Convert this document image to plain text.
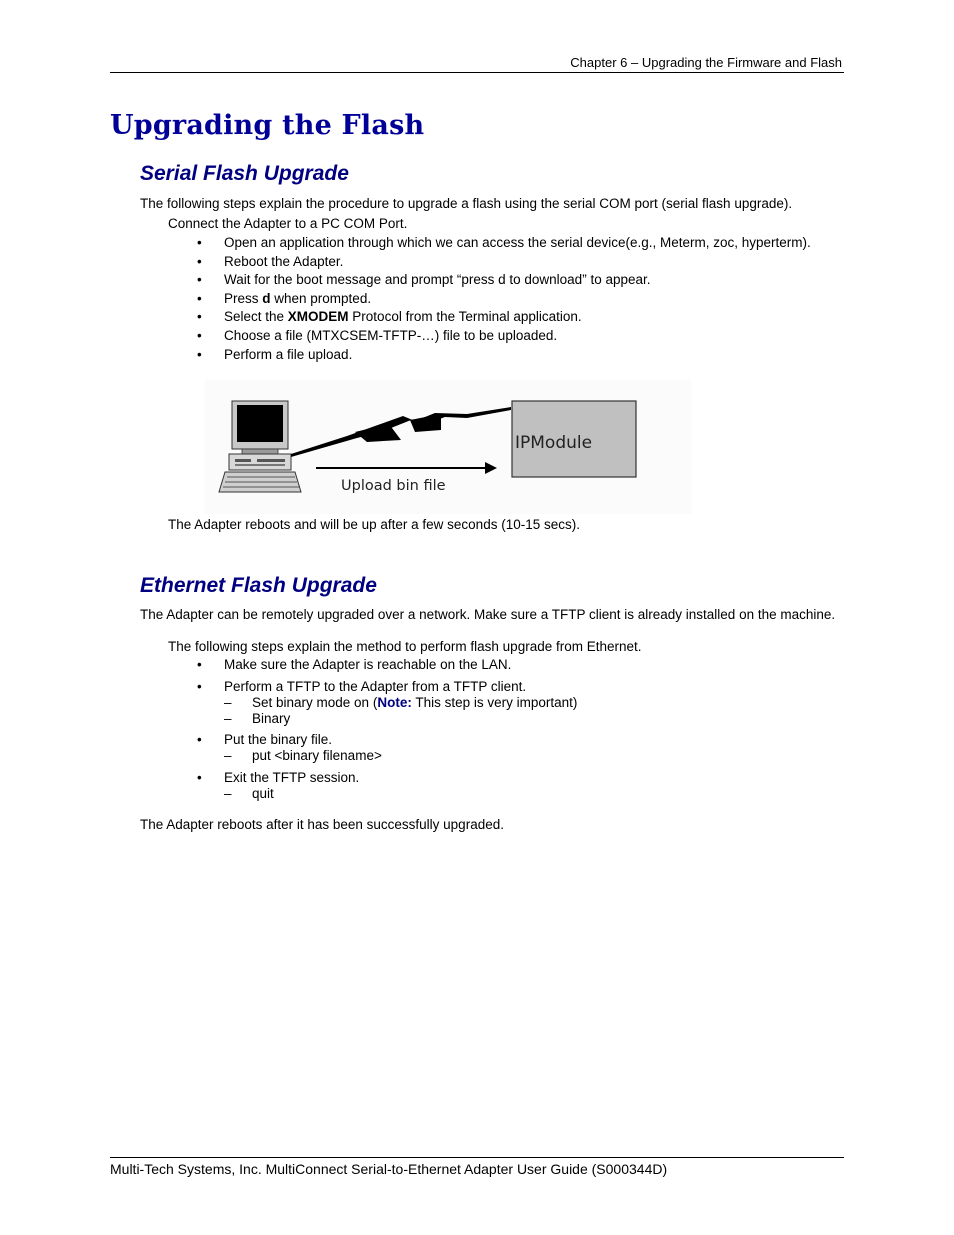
Chapter 6 – Upgrading the Firmware and Flash
Upgrading the Flash
Serial Flash Upgrade
The following steps explain the procedure to upgrade a flash using the serial COM port (serial flash upgrade).
Connect the Adapter to a PC COM Port.
• Open an application through which we can access the serial device(e.g., Meterm, zoc, hyperterm).
• Reboot the Adapter.
• Wait for the boot message and prompt “press d to download” to appear.
• Press d when prompted.
• Select the XMODEM Protocol from the Terminal application.
• Choose a file (MTXCSEM-TFTP-…) file to be uploaded.
• Perform a file upload.
IPModule
Upload bin file
The Adapter reboots and will be up after a few seconds (10-15 secs).
Ethernet Flash Upgrade
The Adapter can be remotely upgraded over a network. Make sure a TFTP client is already installed on the machine.
The following steps explain the method to perform flash upgrade from Ethernet.
• Make sure the Adapter is reachable on the LAN.
• Perform a TFTP to the Adapter from a TFTP client.
– Set binary mode on (Note: This step is very important)
– Binary
• Put the binary file.
– put <binary filename>
• Exit the TFTP session.
– quit
The Adapter reboots after it has been successfully upgraded.
Multi-Tech Systems, Inc. MultiConnect Serial-to-Ethernet Adapter User Guide (S000344D)
